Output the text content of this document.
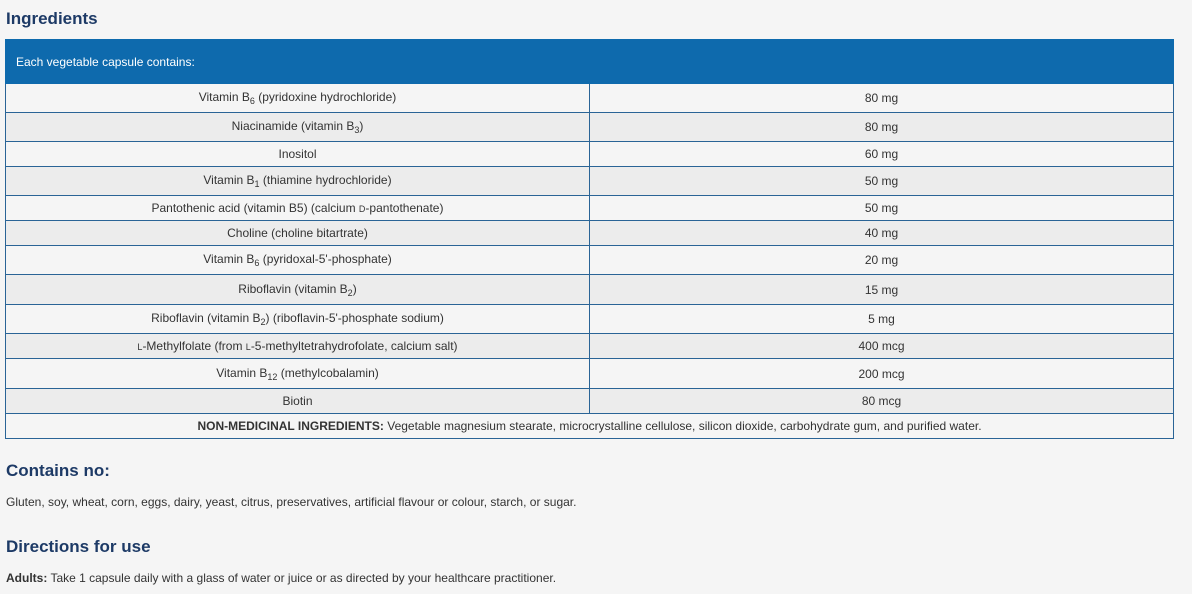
Ingredients
Each vegetable capsule contains:	
Vitamin $B_6$ (pyridoxine hydrochloride)	80 mg
Niacinamide (vitamin $B_3$)	80 mg
Inositol	60 mg
Vitamin $B_1$ (thiamine hydrochloride)	50 mg
Pantothenic acid (vitamin B5) (calcium D-pantothenate)	50 mg
Choline (choline bitartrate)	40 mg
Vitamin $B_6$ (pyridoxal-5'-phosphate)	20 mg
Riboflavin (vitamin $B_2$)	15 mg
Riboflavin (vitamin $B_2$) (riboflavin-5'-phosphate sodium)	5 mg
L-Methylfolate (from L-5-methyltetrahydrofolate, calcium salt)	400 mcg
Vitamin $B_{12}$ (methylcobalamin)	200 mcg
Biotin	80 mcg
NON-MEDICINAL INGREDIENTS: Vegetable magnesium stearate, microcrystalline cellulose, silicon dioxide, carbohydrate gum, and purified water.	
Contains no:
Gluten, soy, wheat, corn, eggs, dairy, yeast, citrus, preservatives, artificial flavour or colour, starch, or sugar.
Directions for use
Adults: Take 1 capsule daily with a glass of water or juice or as directed by your healthcare practitioner.
